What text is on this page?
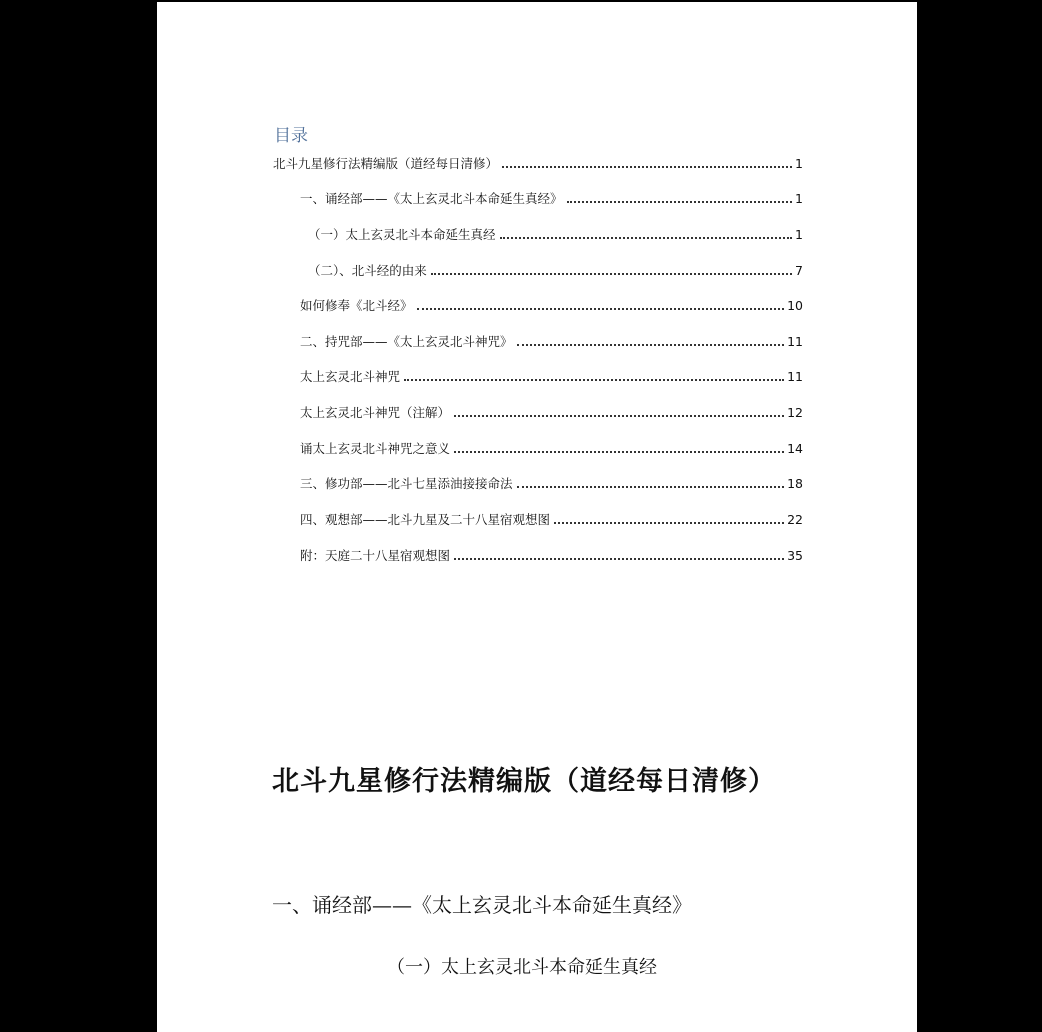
目录
北斗九星修行法精编版（道经每日清修）	1
一、诵经部——《太上玄灵北斗本命延生真经》	1
（一）太上玄灵北斗本命延生真经	1
（二）、北斗经的由来	7
如何修奉《北斗经》	10
二、持咒部——《太上玄灵北斗神咒》	11
太上玄灵北斗神咒	11
太上玄灵北斗神咒（注解）	12
诵太上玄灵北斗神咒之意义	14
三、修功部——北斗七星添油接接命法	18
四、观想部——北斗九星及二十八星宿观想图	22
附：天庭二十八星宿观想图	35
北斗九星修行法精编版（道经每日清修）
一、诵经部——《太上玄灵北斗本命延生真经》
（一）太上玄灵北斗本命延生真经
